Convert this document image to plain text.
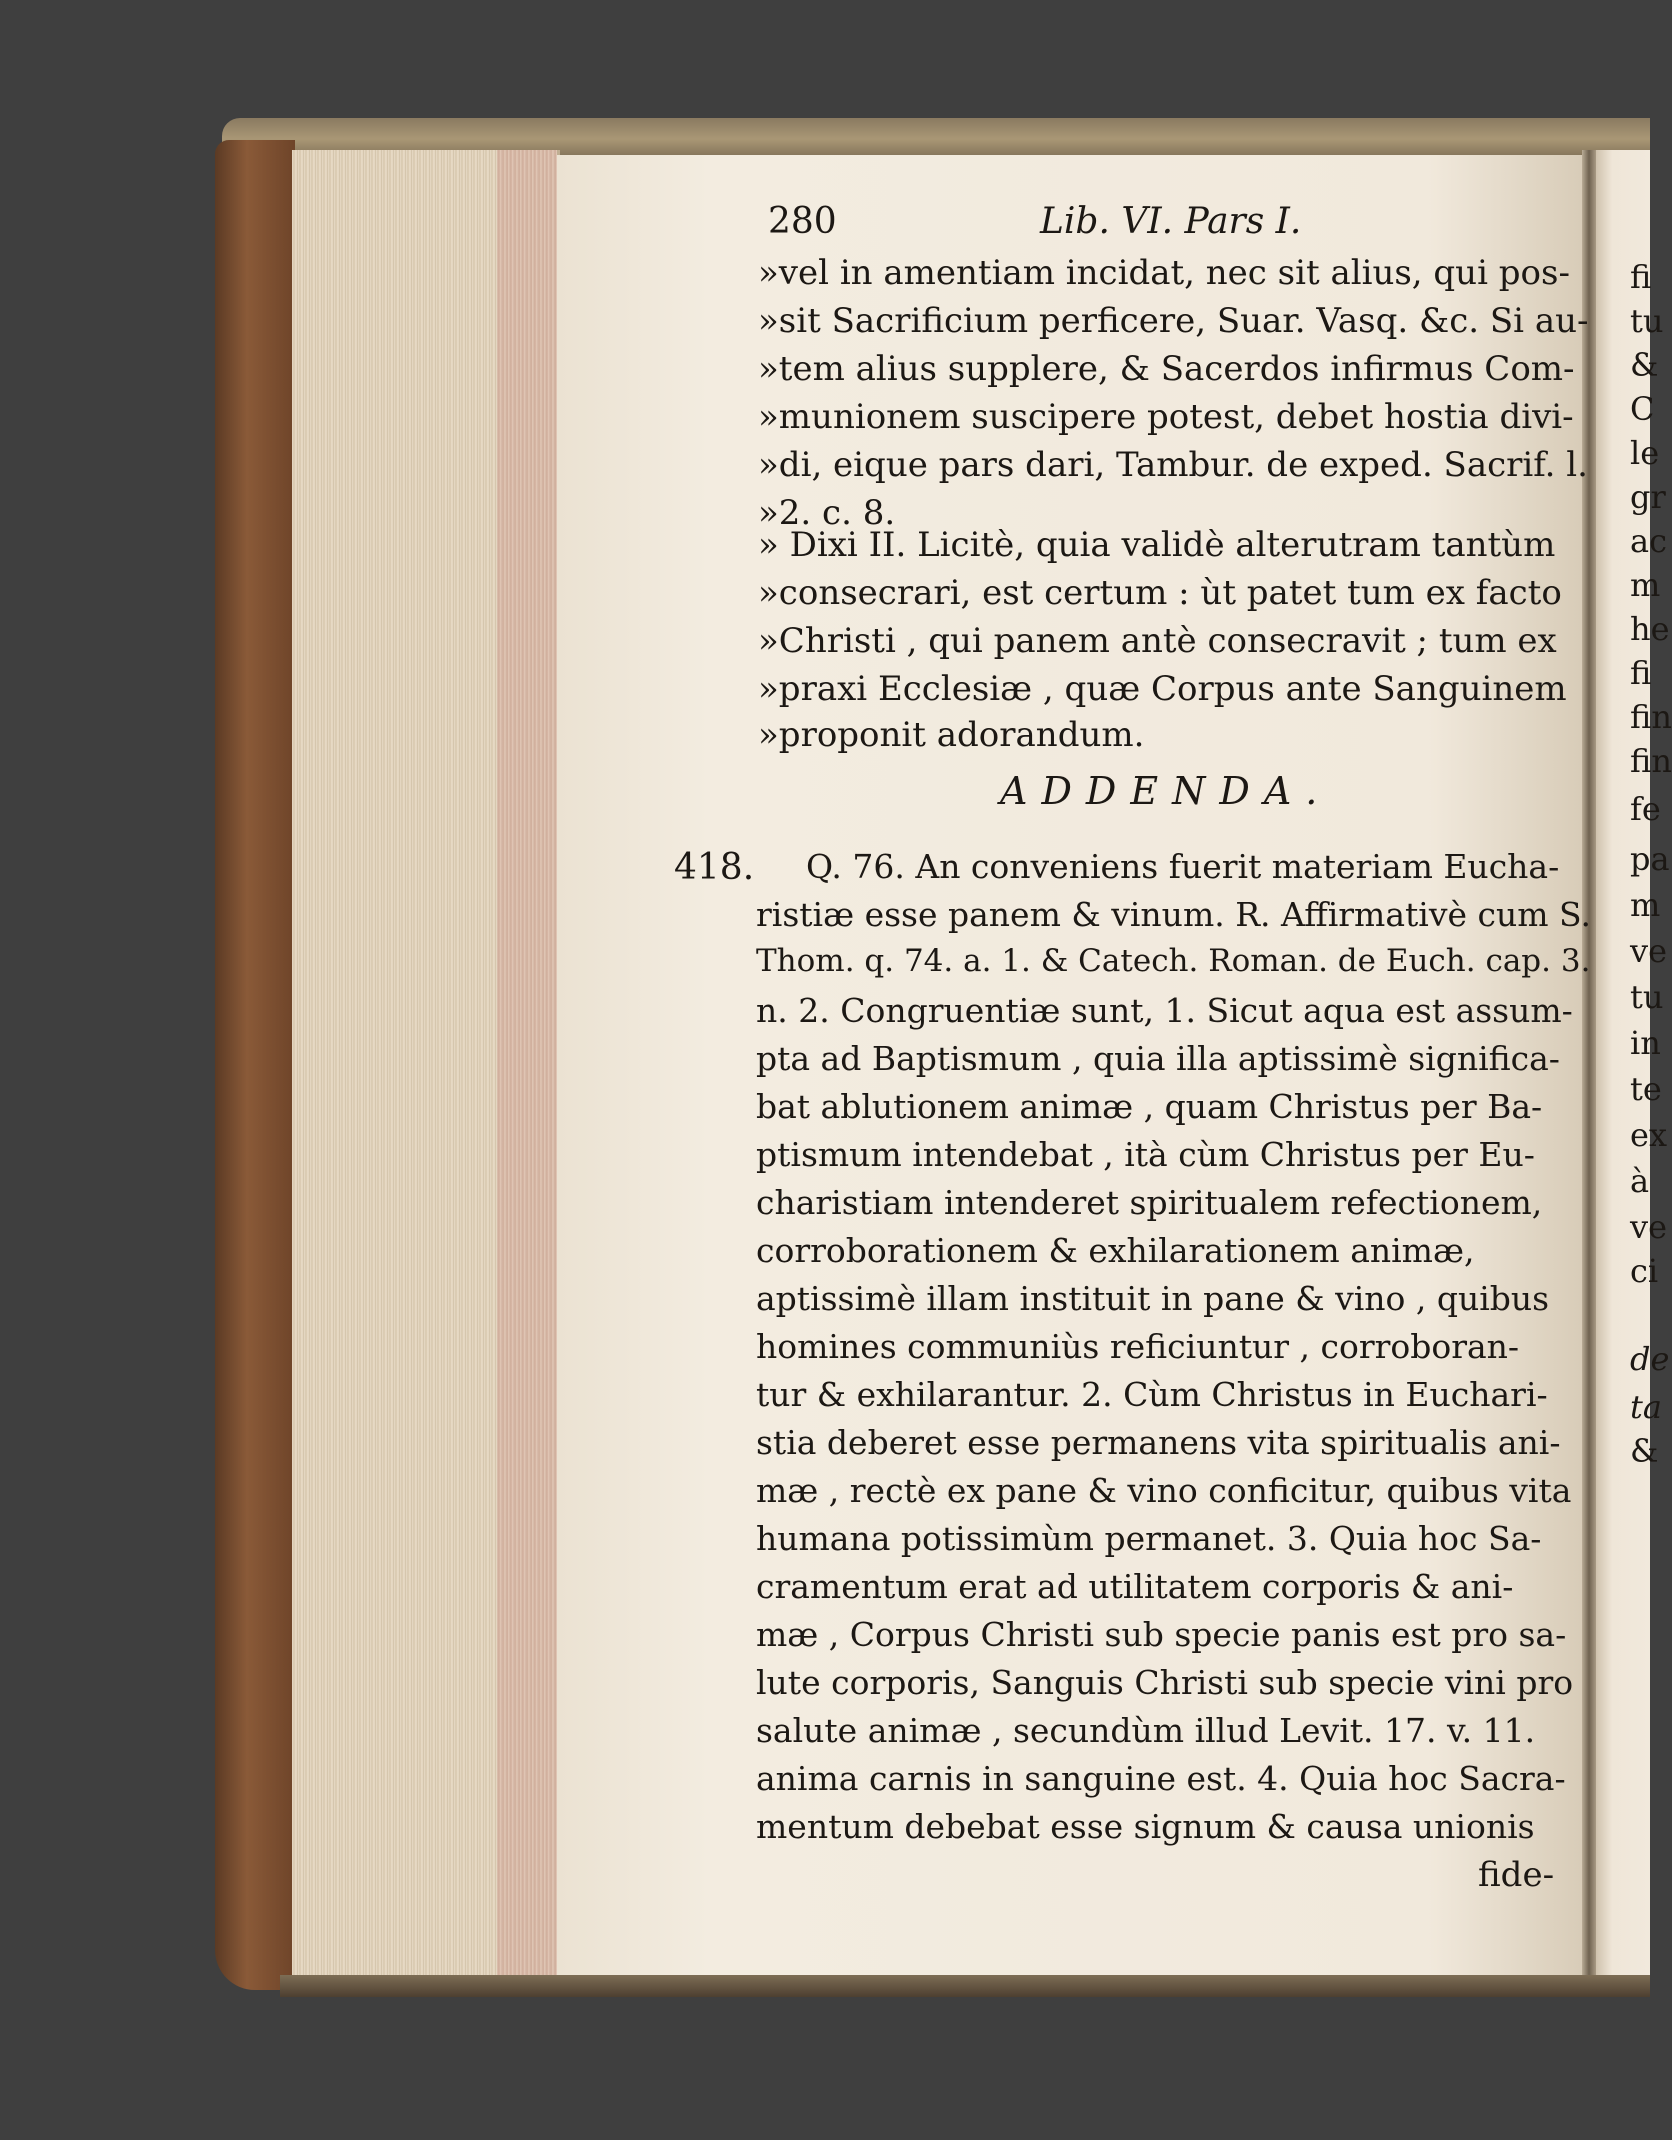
280	Lib. VI. Pars I.
»vel in amentiam incidat, nec sit alius, qui pos-
»sit Sacrificium perficere, Suar. Vasq. &c. Si au-
»tem alius supplere, & Sacerdos infirmus Com-
»munionem suscipere potest, debet hostia divi-
»di, eique pars dari, Tambur. de exped. Sacrif. l.
»2. c. 8.
» Dixi II. Licitè, quia validè alterutram tantùm
»consecrari, est certum : ùt patet tum ex facto
»Christi , qui panem antè consecravit ; tum ex
»praxi Ecclesiæ , quæ Corpus ante Sanguinem
»proponit adorandum.
ADDENDA.
418. Q. 76. An conveniens fuerit materiam Eucha-
ristiæ esse panem & vinum. R. Affirmativè cum S.
Thom. q. 74. a. 1. & Catech. Roman. de Euch. cap. 3.
n. 2. Congruentiæ sunt, 1. Sicut aqua est assum-
pta ad Baptismum , quia illa aptissimè significa-
bat ablutionem animæ , quam Christus per Ba-
ptismum intendebat , ità cùm Christus per Eu-
charistiam intenderet spiritualem refectionem,
corroborationem & exhilarationem animæ,
aptissimè illam instituit in pane & vino , quibus
homines communiùs reficiuntur , corroboran-
tur & exhilarantur. 2. Cùm Christus in Euchari-
stia deberet esse permanens vita spiritualis ani-
mæ , rectè ex pane & vino conficitur, quibus vita
humana potissimùm permanet. 3. Quia hoc Sa-
cramentum erat ad utilitatem corporis & ani-
mæ , Corpus Christi sub specie panis est pro sa-
lute corporis, Sanguis Christi sub specie vini pro
salute animæ , secundùm illud Levit. 17. v. 11.
anima carnis in sanguine est. 4. Quia hoc Sacra-
mentum debebat esse signum & causa unionis
fide-
fi
tu
&
C
le
gr
ac
m
he
fi
fin
fin
fe
pa
m
ve
tu
in
te
ex
à
ve
ci
de
ta
&
